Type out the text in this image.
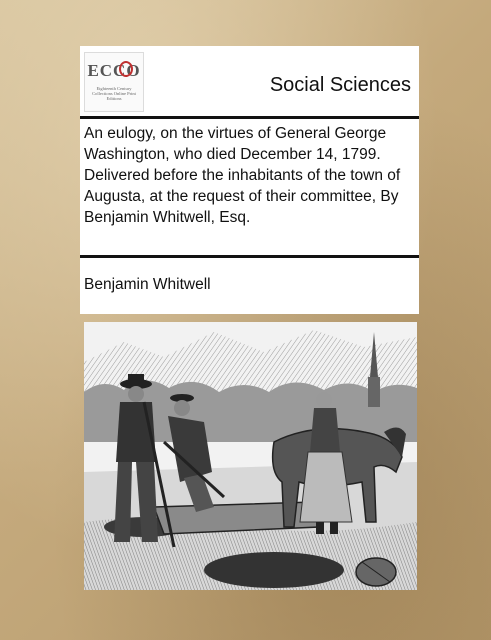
ECCO
Eighteenth Century Collections Online Print Editions
Social Sciences
An eulogy, on the virtues of General George Washington, who died December 14, 1799. Delivered before the inhabitants of the town of Augusta, at the request of their committee, By Benjamin Whitwell, Esq.
Benjamin Whitwell
